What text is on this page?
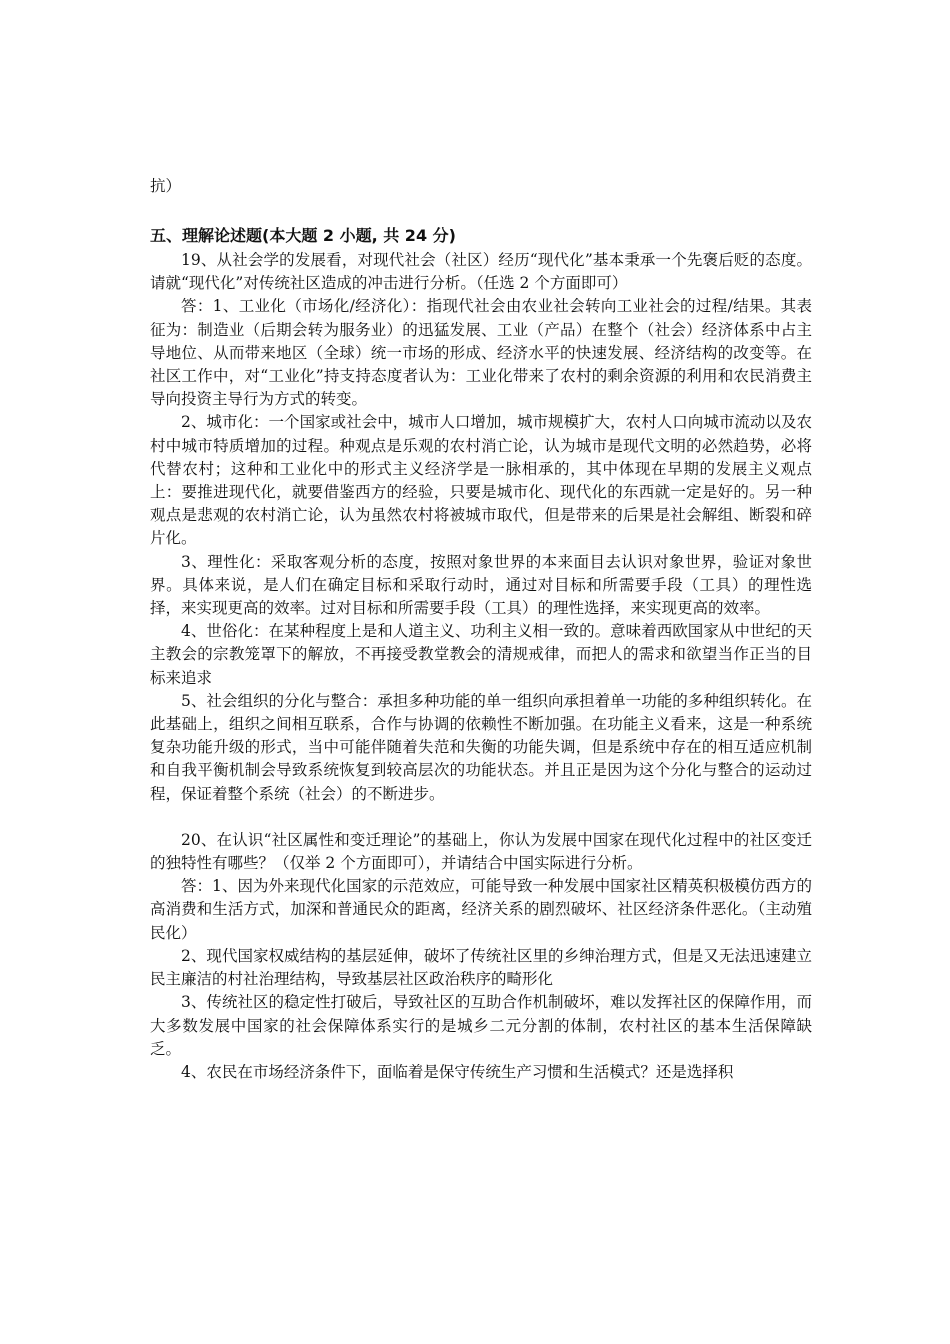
抗）

五、理解论述题(本大题 2 小题, 共 24 分)

19、从社会学的发展看，对现代社会（社区）经历“现代化”基本秉承一个先褒后贬的态度。请就“现代化”对传统社区造成的冲击进行分析。（任选 2 个方面即可）

答：1、工业化（市场化/经济化）：指现代社会由农业社会转向工业社会的过程/结果。其表征为：制造业（后期会转为服务业）的迅猛发展、工业（产品）在整个（社会）经济体系中占主导地位、从而带来地区（全球）统一市场的形成、经济水平的快速发展、经济结构的改变等。在社区工作中，对“工业化”持支持态度者认为：工业化带来了农村的剩余资源的利用和农民消费主导向投资主导行为方式的转变。

2、城市化：一个国家或社会中，城市人口增加，城市规模扩大，农村人口向城市流动以及农村中城市特质增加的过程。种观点是乐观的农村消亡论，认为城市是现代文明的必然趋势，必将代替农村；这种和工业化中的形式主义经济学是一脉相承的，其中体现在早期的发展主义观点上：要推进现代化，就要借鉴西方的经验，只要是城市化、现代化的东西就一定是好的。另一种观点是悲观的农村消亡论，认为虽然农村将被城市取代，但是带来的后果是社会解组、断裂和碎片化。

3、理性化：采取客观分析的态度，按照对象世界的本来面目去认识对象世界，验证对象世界。具体来说，是人们在确定目标和采取行动时，通过对目标和所需要手段（工具）的理性选择，来实现更高的效率。过对目标和所需要手段（工具）的理性选择，来实现更高的效率。

4、世俗化：在某种程度上是和人道主义、功利主义相一致的。意味着西欧国家从中世纪的天主教会的宗教笼罩下的解放，不再接受教堂教会的清规戒律，而把人的需求和欲望当作正当的目标来追求

5、社会组织的分化与整合：承担多种功能的单一组织向承担着单一功能的多种组织转化。在此基础上，组织之间相互联系，合作与协调的依赖性不断加强。在功能主义看来，这是一种系统复杂功能升级的形式，当中可能伴随着失范和失衡的功能失调，但是系统中存在的相互适应机制和自我平衡机制会导致系统恢复到较高层次的功能状态。并且正是因为这个分化与整合的运动过程，保证着整个系统（社会）的不断进步。

20、在认识“社区属性和变迁理论”的基础上，你认为发展中国家在现代化过程中的社区变迁的独特性有哪些？（仅举 2 个方面即可），并请结合中国实际进行分析。

答：1、因为外来现代化国家的示范效应，可能导致一种发展中国家社区精英积极模仿西方的高消费和生活方式，加深和普通民众的距离，经济关系的剧烈破坏、社区经济条件恶化。（主动殖民化）

2、现代国家权威结构的基层延伸，破坏了传统社区里的乡绅治理方式，但是又无法迅速建立民主廉洁的村社治理结构，导致基层社区政治秩序的畸形化

3、传统社区的稳定性打破后，导致社区的互助合作机制破坏，难以发挥社区的保障作用，而大多数发展中国家的社会保障体系实行的是城乡二元分割的体制，农村社区的基本生活保障缺乏。

4、农民在市场经济条件下，面临着是保守传统生产习惯和生活模式？还是选择积
